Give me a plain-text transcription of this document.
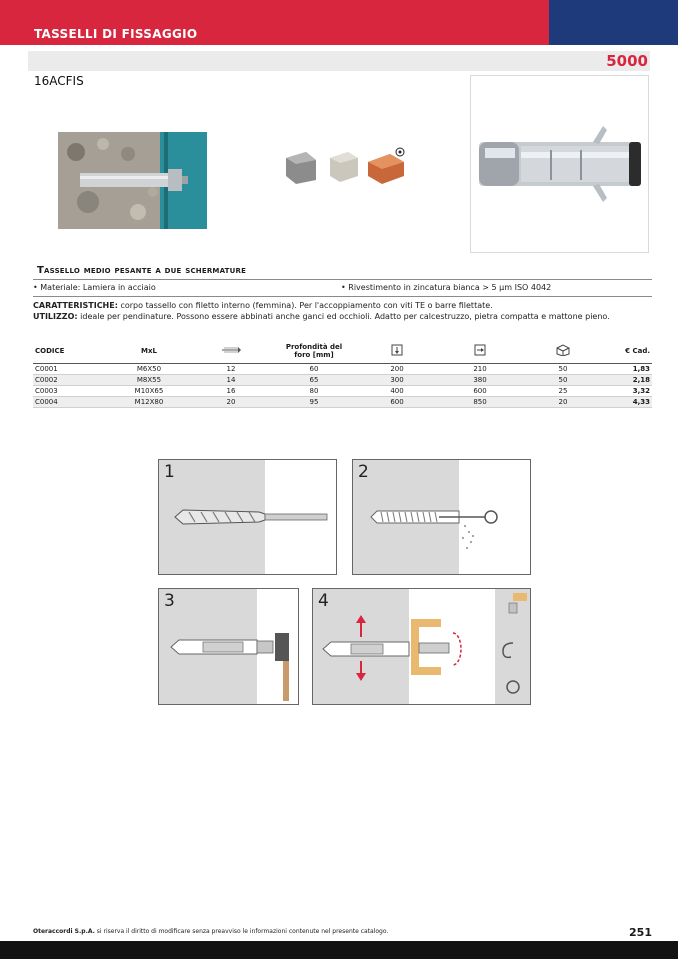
TASSELLI DI FISSAGGIO
5000
16ACFIS
Tassello medio pesante a due schermature
• Materiale: Lamiera in acciaio	• Rivestimento in zincatura bianca > 5 µm ISO 4042
CARATTERISTICHE: corpo tassello con filetto interno (femmina). Per l'accoppiamento con viti TE o barre filettate.
UTILIZZO: ideale per pendinature. Possono essere abbinati anche ganci ed occhioli. Adatto per calcestruzzo, pietra compatta e mattone pieno.
CODICE	MxL		Profondità del
foro [mm]				€ Cad.
C0001	M6X50	12	60	200	210	50	1,83
C0002	M8X55	14	65	300	380	50	2,18
C0003	M10X65	16	80	400	600	25	3,32
C0004	M12X80	20	95	600	850	20	4,33
1	2
3	4
Oteraccordi S.p.A. si riserva il diritto di modificare senza preavviso le informazioni contenute nel presente catalogo.	251
